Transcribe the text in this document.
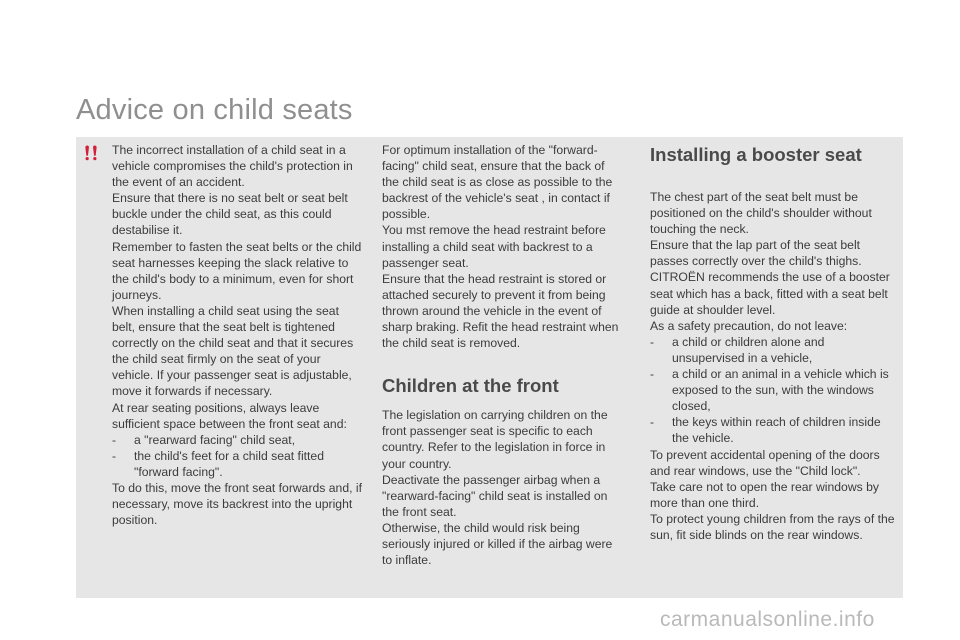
Advice on child seats

The incorrect installation of a child seat in a vehicle compromises the child's protection in the event of an accident.

Ensure that there is no seat belt or seat belt buckle under the child seat, as this could destabilise it.

Remember to fasten the seat belts or the child seat harnesses keeping the slack relative to the child's body to a minimum, even for short journeys.

When installing a child seat using the seat belt, ensure that the seat belt is tightened correctly on the child seat and that it secures the child seat firmly on the seat of your vehicle. If your passenger seat is adjustable, move it forwards if necessary.

At rear seating positions, always leave sufficient space between the front seat and:

-	a "rearward facing" child seat,
-	the child's feet for a child seat fitted "forward facing".

To do this, move the front seat forwards and, if necessary, move its backrest into the upright position.

For optimum installation of the "forward-facing" child seat, ensure that the back of the child seat is as close as possible to the backrest of the vehicle's seat , in contact if possible.

You mst remove the head restraint before installing a child seat with backrest to a passenger seat.

Ensure that the head restraint is stored or attached securely to prevent it from being thrown around the vehicle in the event of sharp braking. Refit the head restraint when the child seat is removed.

Children at the front

The legislation on carrying children on the front passenger seat is specific to each country. Refer to the legislation in force in your country.

Deactivate the passenger airbag when a "rearward-facing" child seat is installed on the front seat.

Otherwise, the child would risk being seriously injured or killed if the airbag were to inflate.

Installing a booster seat

The chest part of the seat belt must be positioned on the child's shoulder without touching the neck.

Ensure that the lap part of the seat belt passes correctly over the child's thighs.

CITROËN recommends the use of a booster seat which has a back, fitted with a seat belt guide at shoulder level.

As a safety precaution, do not leave:

-	a child or children alone and unsupervised in a vehicle,
-	a child or an animal in a vehicle which is exposed to the sun, with the windows closed,
-	the keys within reach of children inside the vehicle.

To prevent accidental opening of the doors and rear windows, use the "Child lock".

Take care not to open the rear windows by more than one third.

To protect young children from the rays of the sun, fit side blinds on the rear windows.

carmanualsonline.info
